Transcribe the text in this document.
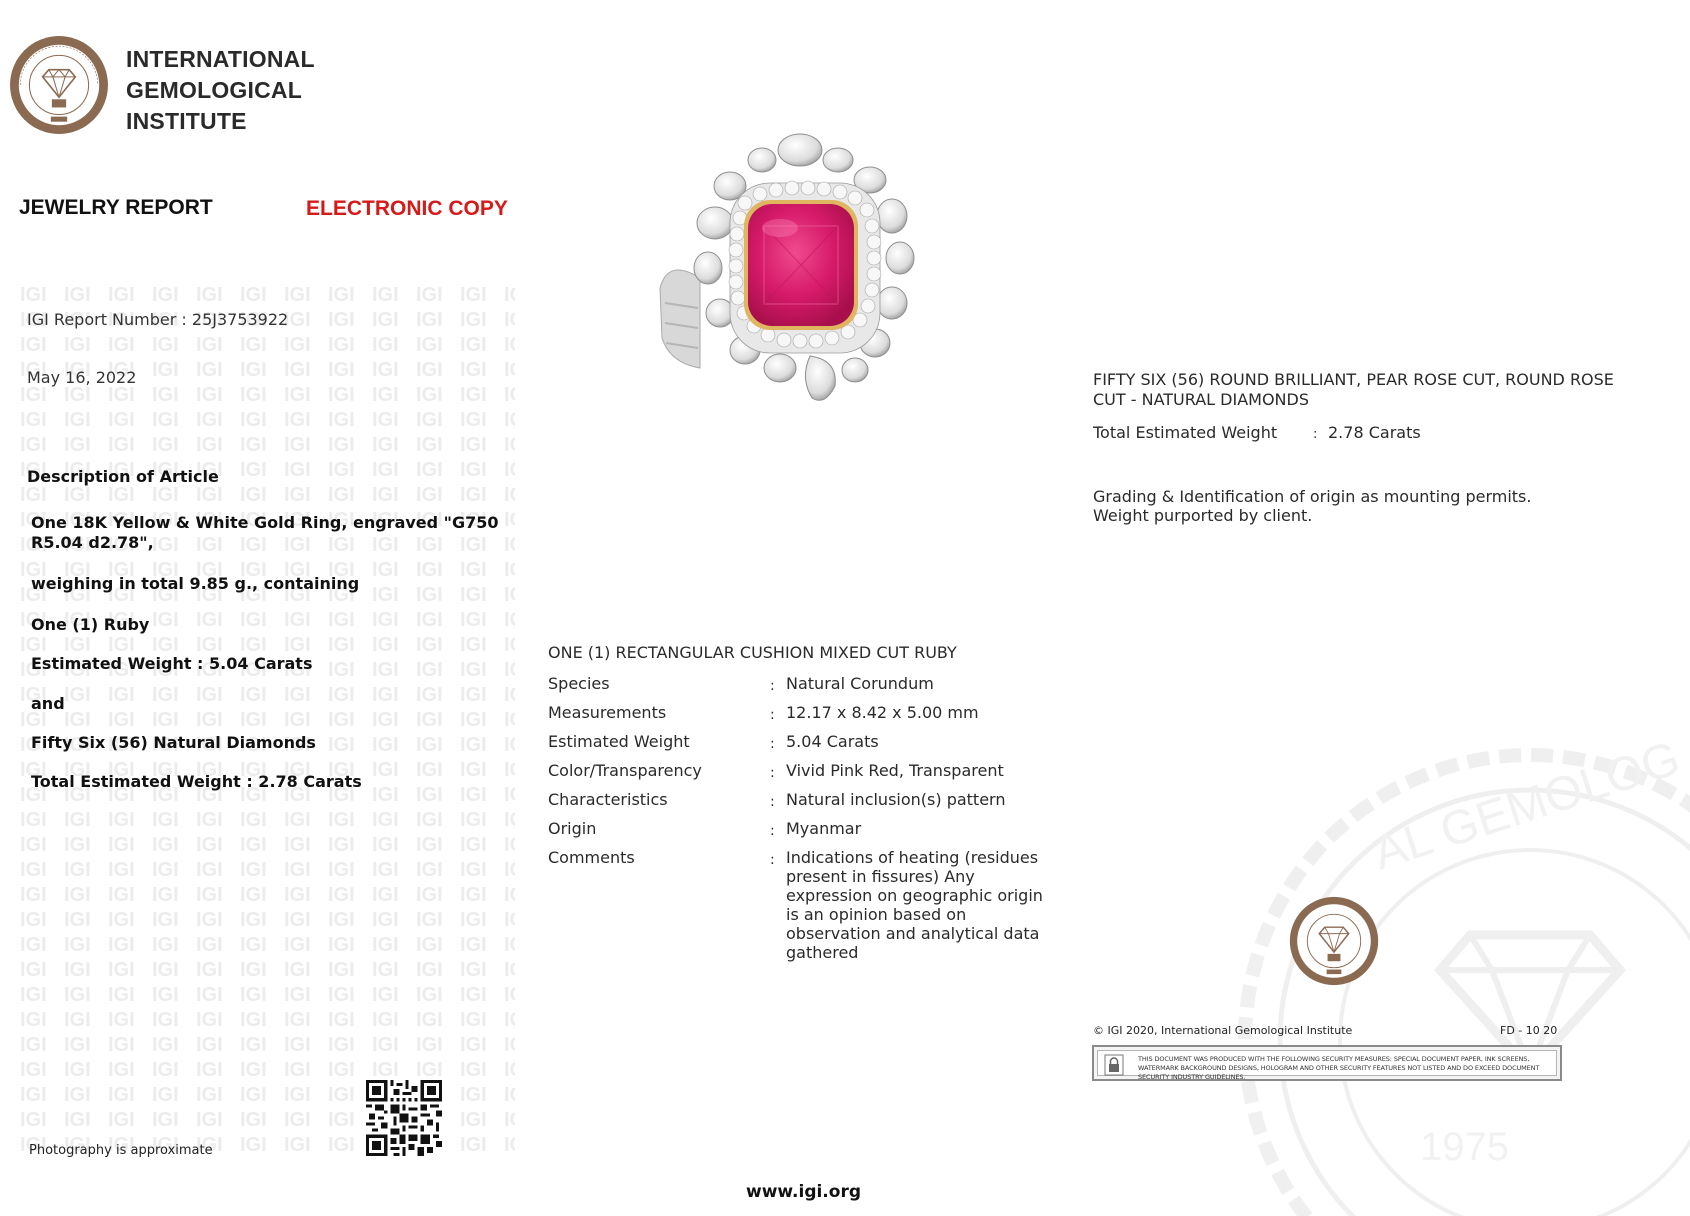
INTERNATIONAL
GEMOLOGICAL
INSTITUTE
JEWELRY REPORT	ELECTRONIC COPY
IGI Report Number : 25J3753922
May 16, 2022
Description of Article
One 18K Yellow & White Gold Ring, engraved "G750
R5.04 d2.78",
weighing in total 9.85 g., containing
One (1) Ruby
Estimated Weight : 5.04 Carats
and
Fifty Six (56) Natural Diamonds
Total Estimated Weight : 2.78 Carats
FIFTY SIX (56) ROUND BRILLIANT, PEAR ROSE CUT, ROUND ROSE
CUT - NATURAL DIAMONDS
Total Estimated Weight	: 2.78 Carats
Grading & Identification of origin as mounting permits.
Weight purported by client.
ONE (1) RECTANGULAR CUSHION MIXED CUT RUBY
Species	: Natural Corundum
Measurements	: 12.17 x 8.42 x 5.00 mm
Estimated Weight	: 5.04 Carats
Color/Transparency	: Vivid Pink Red, Transparent
Characteristics	: Natural inclusion(s) pattern
Origin	: Myanmar
Comments	: Indications of heating (residues present in fissures) Any expression on geographic origin is an opinion based on observation and analytical data gathered
AL GEMOLOG
1975
© IGI 2020, International Gemological Institute	FD - 10 20
THIS DOCUMENT WAS PRODUCED WITH THE FOLLOWING SECURITY MEASURES: SPECIAL DOCUMENT PAPER, INK SCREENS, WATERMARK BACKGROUND DESIGNS, HOLOGRAM AND OTHER SECURITY FEATURES NOT LISTED AND DO EXCEED DOCUMENT SECURITY INDUSTRY GUIDELINES.
Photography is approximate
www.igi.org
